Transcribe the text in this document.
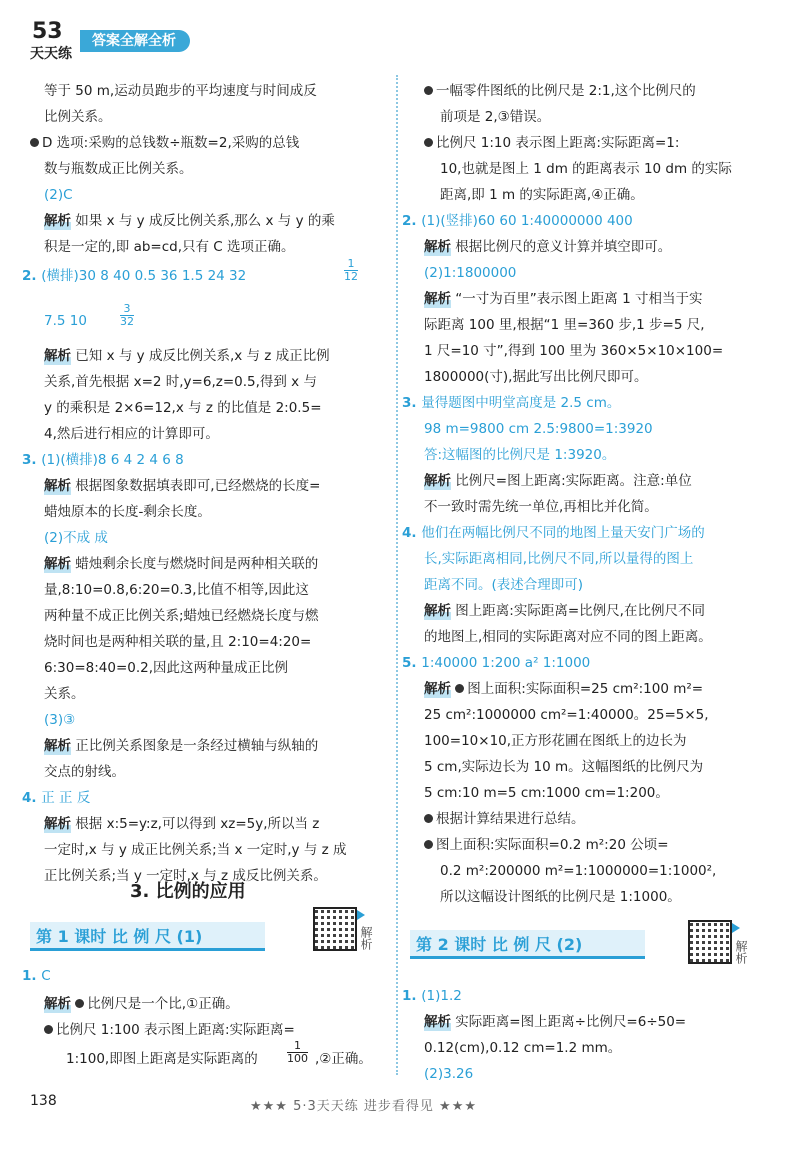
53
天天练
答案全解全析
等于 50 m,运动员跑步的平均速度与时间成反
比例关系。
D 选项:采购的总钱数÷瓶数=2,采购的总钱
数与瓶数成正比例关系。
(2)C
解析 如果 x 与 y 成反比例关系,那么 x 与 y 的乘
积是一定的,即 ab=cd,只有 C 选项正确。
2. (横排)30 8 40 0.5 36 1.5 24 32
7.5 10
解析 已知 x 与 y 成反比例关系,x 与 z 成正比例
关系,首先根据 x=2 时,y=6,z=0.5,得到 x 与
y 的乘积是 2×6=12,x 与 z 的比值是 2:0.5=
4,然后进行相应的计算即可。
3. (1)(横排)8 6 4 2 4 6 8
解析 根据图象数据填表即可,已经燃烧的长度=
蜡烛原本的长度-剩余长度。
(2)不成 成
解析 蜡烛剩余长度与燃烧时间是两种相关联的
量,8:10=0.8,6:20=0.3,比值不相等,因此这
两种量不成正比例关系;蜡烛已经燃烧长度与燃
烧时间也是两种相关联的量,且 2:10=4:20=
6:30=8:40=0.2,因此这两种量成正比例
关系。
(3)③
解析 正比例关系图象是一条经过横轴与纵轴的
交点的射线。
4. 正 正 反
解析 根据 x:5=y:z,可以得到 xz=5y,所以当 z
一定时,x 与 y 成正比例关系;当 x 一定时,y 与 z 成
正比例关系;当 y 一定时,x 与 z 成反比例关系。
1. C
解析 比例尺是一个比,①正确。
比例尺 1:100 表示图上距离:实际距离=
1:100,即图上距离是实际距离的
一幅零件图纸的比例尺是 2:1,这个比例尺的
前项是 2,③错误。
比例尺 1:10 表示图上距离:实际距离=1:
10,也就是图上 1 dm 的距离表示 10 dm 的实际
距离,即 1 m 的实际距离,④正确。
2. (1)(竖排)60 60 1:40000000 400
解析 根据比例尺的意义计算并填空即可。
(2)1:1800000
解析 “一寸为百里”表示图上距离 1 寸相当于实
际距离 100 里,根据“1 里=360 步,1 步=5 尺,
1 尺=10 寸”,得到 100 里为 360×5×10×100=
1800000(寸),据此写出比例尺即可。
3. 量得题图中明堂高度是 2.5 cm。
98 m=9800 cm 2.5:9800=1:3920
答:这幅图的比例尺是 1:3920。
解析 比例尺=图上距离:实际距离。注意:单位
不一致时需先统一单位,再相比并化简。
4. 他们在两幅比例尺不同的地图上量天安门广场的
长,实际距离相同,比例尺不同,所以量得的图上
距离不同。(表述合理即可)
解析 图上距离:实际距离=比例尺,在比例尺不同
的地图上,相同的实际距离对应不同的图上距离。
5. 1:40000 1:200 a² 1:1000
解析 图上面积:实际面积=25 cm²:100 m²=
25 cm²:1000000 cm²=1:40000。25=5×5,
100=10×10,正方形花圃在图纸上的边长为
5 cm,实际边长为 10 m。这幅图纸的比例尺为
5 cm:10 m=5 cm:1000 cm=1:200。
根据计算结果进行总结。
图上面积:实际面积=0.2 m²:20 公顷=
0.2 m²:200000 m²=1:1000000=1:1000²,
所以这幅设计图纸的比例尺是 1:1000。
1. (1)1.2
解析 实际距离=图上距离÷比例尺=6÷50=
0.12(cm),0.12 cm=1.2 mm。
(2)3.26
$\frac{1}{12}$
$\frac{3}{32}$
$\frac{1}{100}$ ,②正确。
3. 比例的应用
第 1 课时 比 例 尺 (1)	解析	第 2 课时 比 例 尺 (2)	解析
138	★★★ 5·3天天练 进步看得见 ★★★
